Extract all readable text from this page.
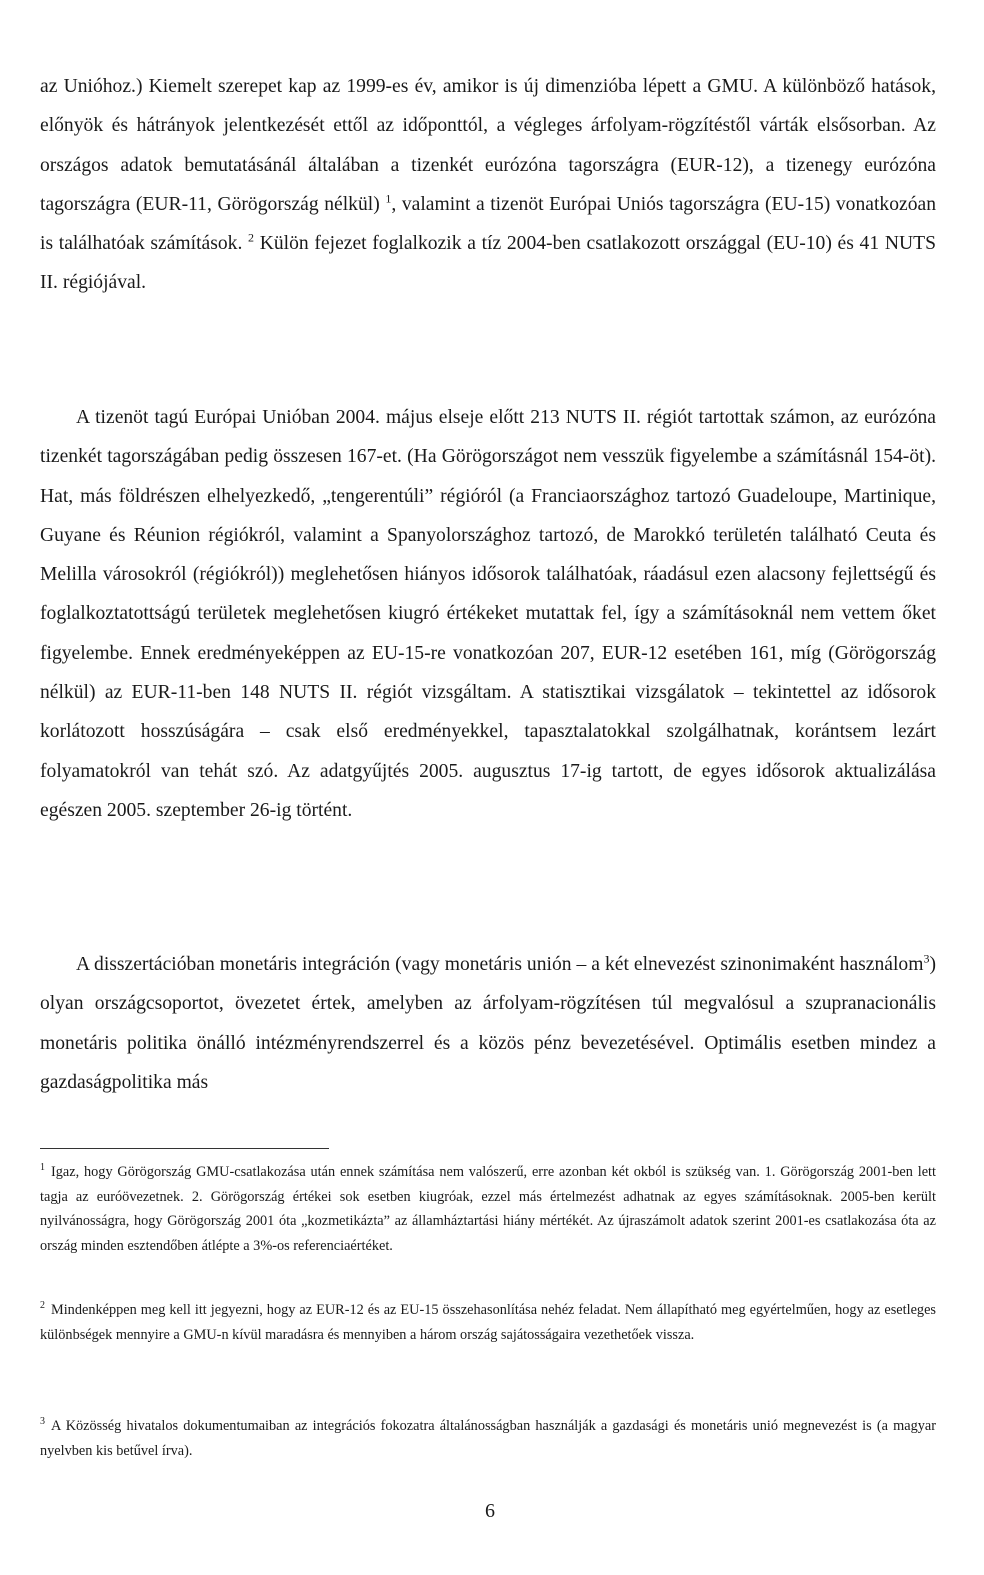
az Unióhoz.) Kiemelt szerepet kap az 1999-es év, amikor is új dimenzióba lépett a GMU. A különböző hatások, előnyök és hátrányok jelentkezését ettől az időponttól, a végleges árfolyam-rögzítéstől várták elsősorban. Az országos adatok bemutatásánál általában a tizenkét eurózóna tagországra (EUR-12), a tizenegy eurózóna tagországra (EUR-11, Görögország nélkül) $^1$, valamint a tizenöt Európai Uniós tagországra (EU-15) vonatkozóan is találhatóak számítások. $^2$ Külön fejezet foglalkozik a tíz 2004-ben csatlakozott országgal (EU-10) és 41 NUTS II. régiójával.

A tizenöt tagú Európai Unióban 2004. május elseje előtt 213 NUTS II. régiót tartottak számon, az eurózóna tizenkét tagországában pedig összesen 167-et. (Ha Görögországot nem vesszük figyelembe a számításnál 154-öt). Hat, más földrészen elhelyezkedő, „tengerentúli” régióról (a Franciaországhoz tartozó Guadeloupe, Martinique, Guyane és Réunion régiókról, valamint a Spanyolországhoz tartozó, de Marokkó területén található Ceuta és Melilla városokról (régiókról)) meglehetősen hiányos idősorok találhatóak, ráadásul ezen alacsony fejlettségű és foglalkoztatottságú területek meglehetősen kiugró értékeket mutattak fel, így a számításoknál nem vettem őket figyelembe. Ennek eredményeképpen az EU-15-re vonatkozóan 207, EUR-12 esetében 161, míg (Görögország nélkül) az EUR-11-ben 148 NUTS II. régiót vizsgáltam. A statisztikai vizsgálatok – tekintettel az idősorok korlátozott hosszúságára – csak első eredményekkel, tapasztalatokkal szolgálhatnak, korántsem lezárt folyamatokról van tehát szó. Az adatgyűjtés 2005. augusztus 17-ig tartott, de egyes idősorok aktualizálása egészen 2005. szeptember 26-ig történt.

A disszertációban monetáris integráción (vagy monetáris unión – a két elnevezést szinonimaként használom$^3$) olyan országcsoportot, övezetet értek, amelyben az árfolyam-rögzítésen túl megvalósul a szupranacionális monetáris politika önálló intézményrendszerrel és a közös pénz bevezetésével. Optimális esetben mindez a gazdaságpolitika más

$^1$ Igaz, hogy Görögország GMU-csatlakozása után ennek számítása nem valószerű, erre azonban két okból is szükség van. 1. Görögország 2001-ben lett tagja az euróövezetnek. 2. Görögország értékei sok esetben kiugróak, ezzel más értelmezést adhatnak az egyes számításoknak. 2005-ben került nyilvánosságra, hogy Görögország 2001 óta „kozmetikázta” az államháztartási hiány mértékét. Az újraszámolt adatok szerint 2001-es csatlakozása óta az ország minden esztendőben átlépte a 3%-os referenciaértéket.

$^2$ Mindenképpen meg kell itt jegyezni, hogy az EUR-12 és az EU-15 összehasonlítása nehéz feladat. Nem állapítható meg egyértelműen, hogy az esetleges különbségek mennyire a GMU-n kívül maradásra és mennyiben a három ország sajátosságaira vezethetőek vissza.

$^3$ A Közösség hivatalos dokumentumaiban az integrációs fokozatra általánosságban használják a gazdasági és monetáris unió megnevezést is (a magyar nyelvben kis betűvel írva).

6
